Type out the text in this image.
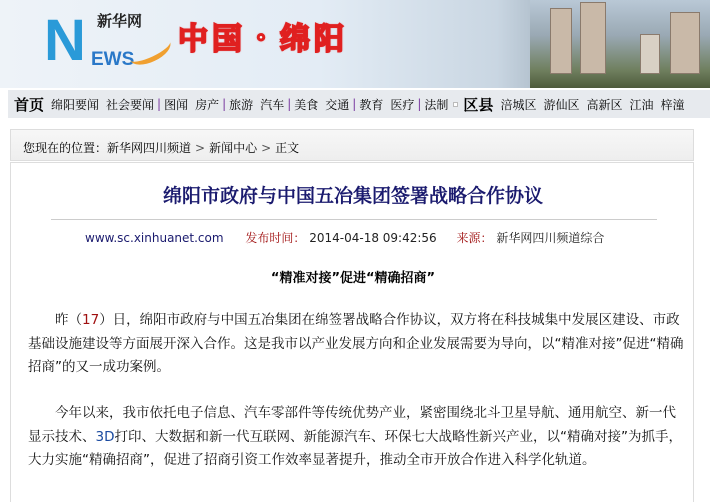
N EWS
新华网
中国・绵阳
首页 绵阳要闻 社会要闻 | 图闻 房产 | 旅游 汽车 | 美食 交通 | 教育 医疗 | 法制 区县 涪城区 游仙区 高新区 江油 梓潼
您现在的位置：新华网四川频道 > 新闻中心 > 正文
绵阳市政府与中国五冶集团签署战略合作协议
www.sc.xinhuanet.com 发布时间： 2014-04-18 09:42:56 来源： 新华网四川频道综合
“精准对接”促进“精确招商”

昨（17）日，绵阳市政府与中国五冶集团在绵签署战略合作协议，双方将在科技城集中发展区建设、市政基础设施建设等方面展开深入合作。这是我市以产业发展方向和企业发展需要为导向，以“精准对接”促进“精确招商”的又一成功案例。

今年以来，我市依托电子信息、汽车零部件等传统优势产业，紧密围绕北斗卫星导航、通用航空、新一代显示技术、3D打印、大数据和新一代互联网、新能源汽车、环保七大战略性新兴产业，以“精确对接”为抓手，大力实施“精确招商”，促进了招商引资工作效率显著提升，推动全市开放合作进入科学化轨道。
